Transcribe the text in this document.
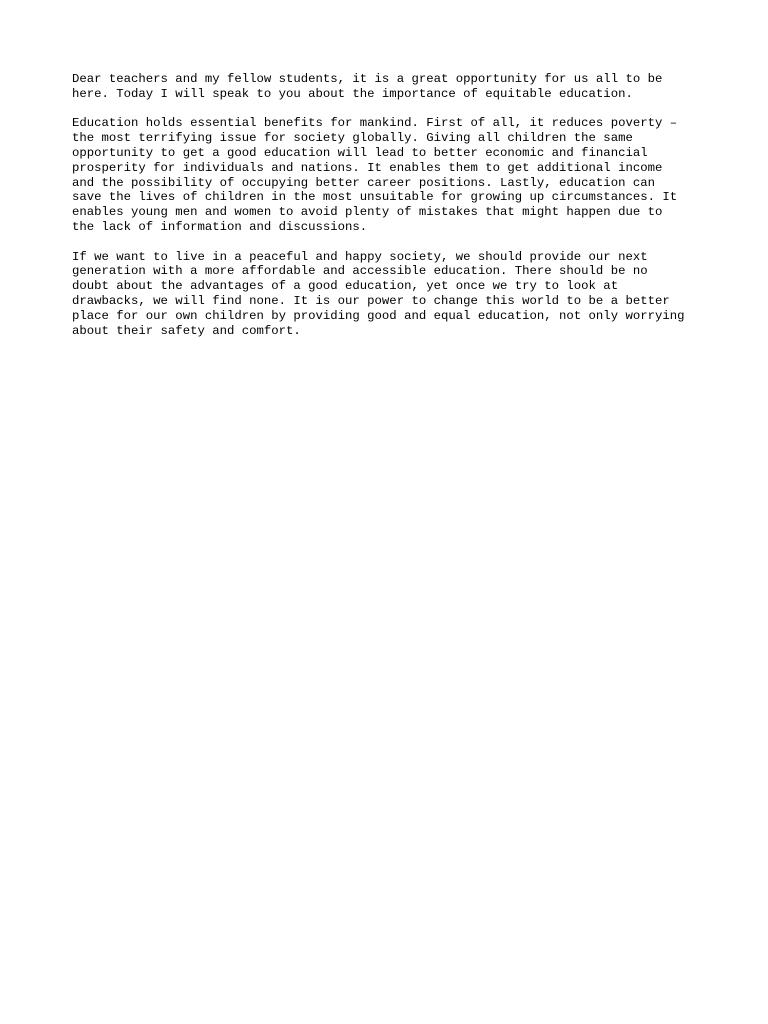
Dear teachers and my fellow students, it is a great opportunity for us all to be
here. Today I will speak to you about the importance of equitable education.

Education holds essential benefits for mankind. First of all, it reduces poverty –
the most terrifying issue for society globally. Giving all children the same
opportunity to get a good education will lead to better economic and financial
prosperity for individuals and nations. It enables them to get additional income
and the possibility of occupying better career positions. Lastly, education can
save the lives of children in the most unsuitable for growing up circumstances. It
enables young men and women to avoid plenty of mistakes that might happen due to
the lack of information and discussions.

If we want to live in a peaceful and happy society, we should provide our next
generation with a more affordable and accessible education. There should be no
doubt about the advantages of a good education, yet once we try to look at
drawbacks, we will find none. It is our power to change this world to be a better
place for our own children by providing good and equal education, not only worrying
about their safety and comfort.
